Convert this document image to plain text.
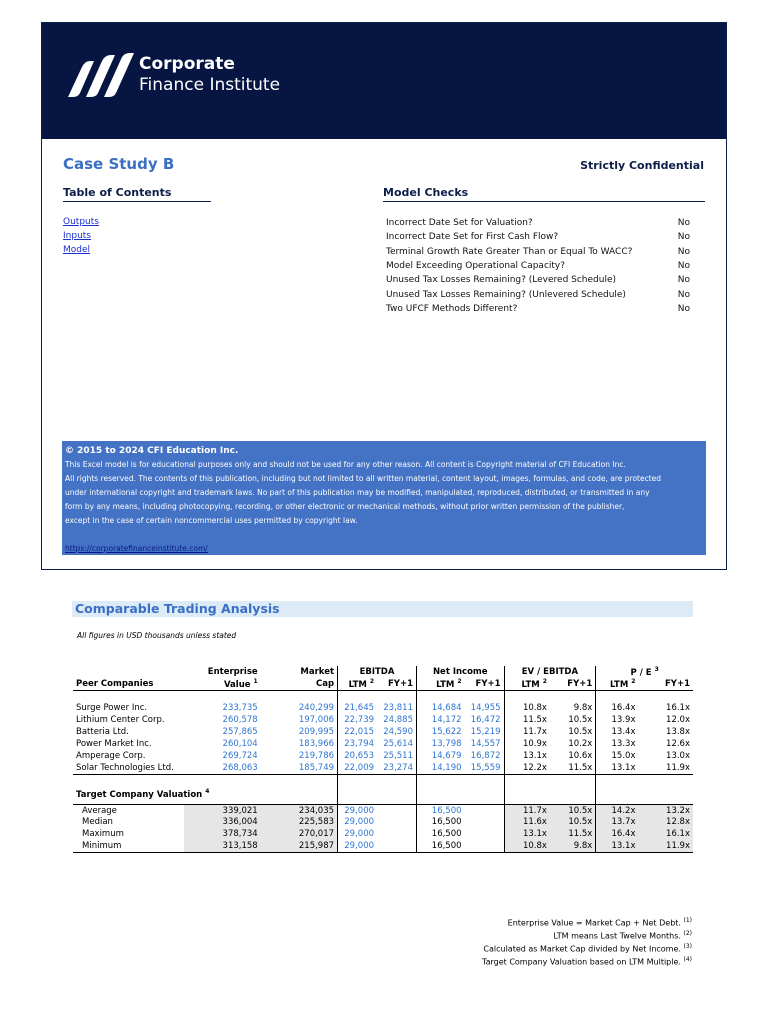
Corporate
Finance Institute
Case Study B	Strictly Confidential
Table of Contents
Outputs
Inputs
Model
Model Checks
Incorrect Date Set for Valuation?	No
Incorrect Date Set for First Cash Flow?	No
Terminal Growth Rate Greater Than or Equal To WACC?	No
Model Exceeding Operational Capacity?	No
Unused Tax Losses Remaining? (Levered Schedule)	No
Unused Tax Losses Remaining? (Unlevered Schedule)	No
Two UFCF Methods Different?	No
© 2015 to 2024 CFI Education Inc.
This Excel model is for educational purposes only and should not be used for any other reason. All content is Copyright material of CFI Education Inc.
All rights reserved. The contents of this publication, including but not limited to all written material, content layout, images, formulas, and code, are protected
under international copyright and trademark laws. No part of this publication may be modified, manipulated, reproduced, distributed, or transmitted in any
form by any means, including photocopying, recording, or other electronic or mechanical methods, without prior written permission of the publisher,
except in the case of certain noncommercial uses permitted by copyright law.
https://corporatefinanceinstitute.com/
Comparable Trading Analysis
All figures in USD thousands unless stated
	Enterprise	Market	EBITDA		Net Income		EV / EBITDA		P / E $^3$
Peer Companies	Value $^1$	Cap	LTM $^2$	FY+1	LTM $^2$	FY+1	LTM $^2$	FY+1	LTM $^2$	FY+1

Surge Power Inc.	233,735	240,299	21,645	23,811	14,684	14,955	10.8x	9.8x	16.4x	16.1x
Lithium Center Corp.	260,578	197,006	22,739	24,885	14,172	16,472	11.5x	10.5x	13.9x	12.0x
Batteria Ltd.	257,865	209,995	22,015	24,590	15,622	15,219	11.7x	10.5x	13.4x	13.8x
Power Market Inc.	260,104	183,966	23,794	25,614	13,798	14,557	10.9x	10.2x	13.3x	12.6x
Amperage Corp.	269,724	219,786	20,653	25,511	14,679	16,872	13.1x	10.6x	15.0x	13.0x
Solar Technologies Ltd.	268,063	185,749	22,009	23,274	14,190	15,559	12.2x	11.5x	13.1x	11.9x

Target Company Valuation $^4$								

Average	339,021	234,035	29,000		16,500		11.7x	10.5x	14.2x	13.2x
Median	336,004	225,583	29,000		16,500		11.6x	10.5x	13.7x	12.8x
Maximum	378,734	270,017	29,000		16,500		13.1x	11.5x	16.4x	16.1x
Minimum	313,158	215,987	29,000		16,500		10.8x	9.8x	13.1x	11.9x
Enterprise Value = Market Cap + Net Debt. $^{(1)}$
LTM means Last Twelve Months. $^{(2)}$
Calculated as Market Cap divided by Net Income. $^{(3)}$
Target Company Valuation based on LTM Multiple. $^{(4)}$
